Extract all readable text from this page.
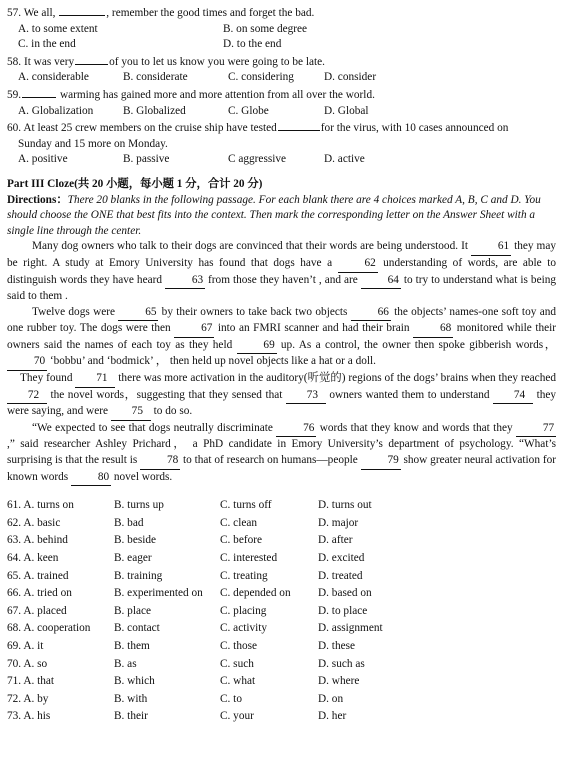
57. We all,	, remember the good times and forget the bad.

A. to some extent	B. on some degree
C. in the end	D. to the end

58. It was very	of you to let us know you were going to be late.

A. considerable	B. considerate	C. considering	D. consider

59.	warming has gained more and more attention from all over the world.

A. Globalization	B. Globalized	C. Globe	D. Global

60. At least 25 crew members on the cruise ship have tested	for the virus, with 10 cases announced on

Sunday and 15 more on Monday.

A. positive	B. passive	C aggressive	D. active
Part III Cloze(共 20 小题，每小题 1 分，合计 20 分)
Directions：There 20 blanks in the following passage. For each blank there are 4 choices marked A, B, C and D. You should choose the ONE that best fits into the context. Then mark the corresponding letter on the Answer Sheet with a single line through the center.

Many dog owners who talk to their dogs are convinced that their words are being understood. It	61 they may be right. A study at Emory University has found that dogs have a	62 understanding of words, are able to distinguish words they have heard	63 from those they haven’t , and are	64 to try to understand what is being said to them .

Twelve dogs were	65 by their owners to take back two objects	66 the objects’ names-one soft toy and one rubber toy. The dogs were then	67 into an FMRI scanner and had their brain	68 monitored while their owners said the names of each toy as they held	69 up. As a control, the owner then spoke gibberish words， 70 ‘bobbu’ and ‘bodmick’ ， then held up novel objects like a hat or a doll.

They found 71 there was more activation in the auditory(听觉的) regions of the dogs’ brains when they reached 72 the novel words，suggesting that they sensed that 73 owners wanted them to understand 74 they were saying, and were 75 to do so.

“We expected to see that dogs neutrally discriminate	76 words that they know and words that they	77 ,” said researcher Ashley Prichard， a PhD candidate in Emory University’s department of psychology. “What’s surprising is that the result is	78 to that of research on humans—people	79 show greater neural activation for known words	80 novel words.

61. A. turns on	B. turns up	C. turns off	D. turns out
62. A. basic	B. bad	C. clean	D. major
63. A. behind	B. beside	C. before	D. after
64. A. keen	B. eager	C. interested	D. excited
65. A. trained	B. training	C. treating	D. treated
66. A. tried on	B. experimented on	C. depended on	D. based on
67. A. placed	B. place	C. placing	D. to place
68. A. cooperation	B. contact	C. activity	D. assignment
69. A. it	B. them	C. those	D. these
70. A. so	B. as	C. such	D. such as
71. A. that	B. which	C. what	D. where
72. A. by	B. with	C. to	D. on
73. A. his	B. their	C. your	D. her
